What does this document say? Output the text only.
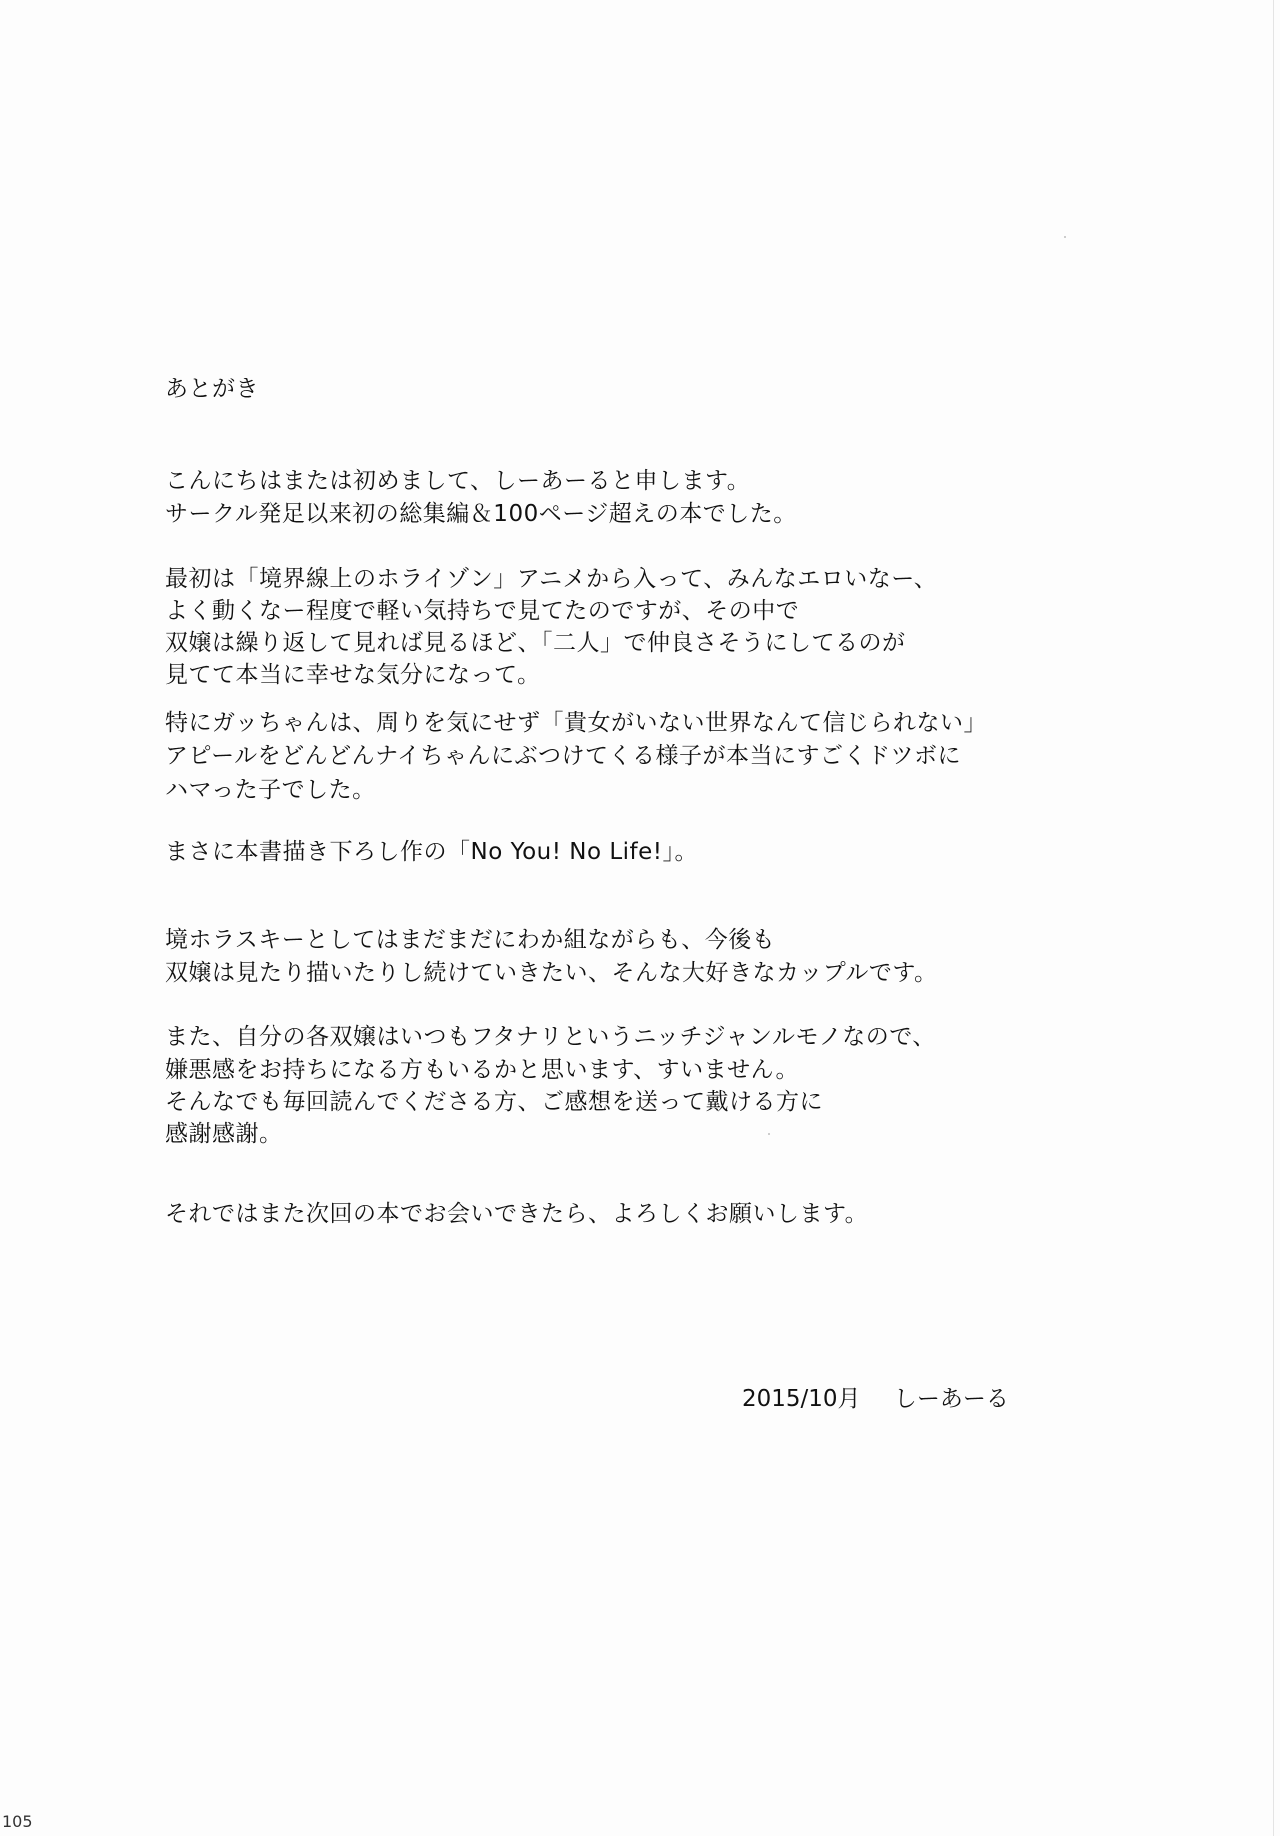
あとがき
こんにちはまたは初めまして、しーあーると申します。
サークル発足以来初の総集編＆100ページ超えの本でした。
最初は「境界線上のホライゾン」アニメから入って、みんなエロいなー、
よく動くなー程度で軽い気持ちで見てたのですが、その中で
双嬢は繰り返して見れば見るほど、「二人」で仲良さそうにしてるのが
見てて本当に幸せな気分になって。
特にガッちゃんは、周りを気にせず「貴女がいない世界なんて信じられない」
アピールをどんどんナイちゃんにぶつけてくる様子が本当にすごくドツボに
ハマった子でした。
まさに本書描き下ろし作の「No You! No Life!」。
境ホラスキーとしてはまだまだにわか組ながらも、今後も
双嬢は見たり描いたりし続けていきたい、そんな大好きなカップルです。
また、自分の各双嬢はいつもフタナリというニッチジャンルモノなので、
嫌悪感をお持ちになる方もいるかと思います、すいません。
そんなでも毎回読んでくださる方、ご感想を送って戴ける方に
感謝感謝。
それではまた次回の本でお会いできたら、よろしくお願いします。
2015/10月 しーあーる
105
